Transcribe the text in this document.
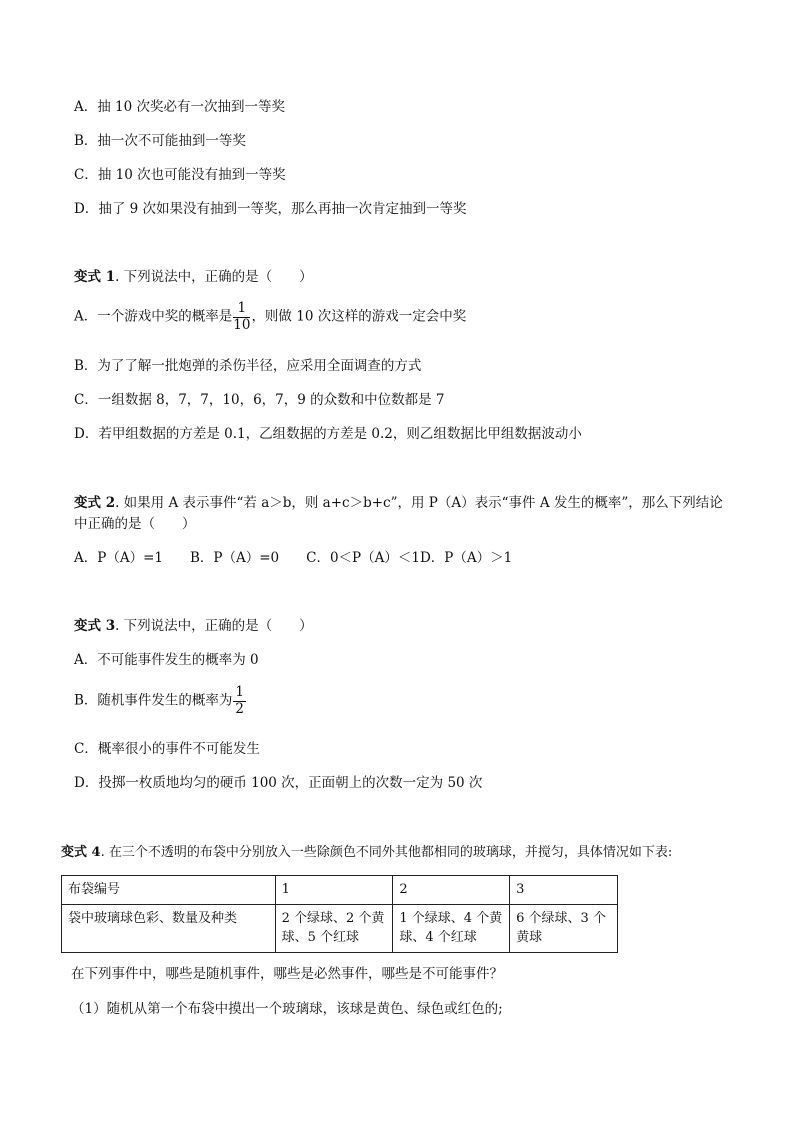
A．抽 10 次奖必有一次抽到一等奖
B．抽一次不可能抽到一等奖
C．抽 10 次也可能没有抽到一等奖
D．抽了 9 次如果没有抽到一等奖，那么再抽一次肯定抽到一等奖
变式 1. 下列说法中，正确的是（　　）
A．一个游戏中奖的概率是 $\frac{1}{10}$ ，则做 10 次这样的游戏一定会中奖
B．为了了解一批炮弹的杀伤半径，应采用全面调查的方式
C．一组数据 8，7，7，10，6，7，9 的众数和中位数都是 7
D．若甲组数据的方差是 0.1，乙组数据的方差是 0.2，则乙组数据比甲组数据波动小
变式 2. 如果用 A 表示事件“若 a＞b，则 a+c＞b+c”，用 P（A）表示“事件 A 发生的概率”，那么下列结论
中正确的是（　　）
A．P（A）=1　　B．P（A）=0　　C．0＜P（A）＜1D．P（A）＞1
变式 3. 下列说法中，正确的是（　　）
A．不可能事件发生的概率为 0
B．随机事件发生的概率为 $\frac{1}{2}$
C．概率很小的事件不可能发生
D．投掷一枚质地均匀的硬币 100 次，正面朝上的次数一定为 50 次
变式 4. 在三个不透明的布袋中分别放入一些除颜色不同外其他都相同的玻璃球，并搅匀，具体情况如下表:
布袋编号	1	2	3
袋中玻璃球色彩、数量及种类	2 个绿球、2 个黄球、5 个红球	1 个绿球、4 个黄球、4 个红球	6 个绿球、3 个黄球
在下列事件中，哪些是随机事件，哪些是必然事件，哪些是不可能事件？
（1）随机从第一个布袋中摸出一个玻璃球，该球是黄色、绿色或红色的;
